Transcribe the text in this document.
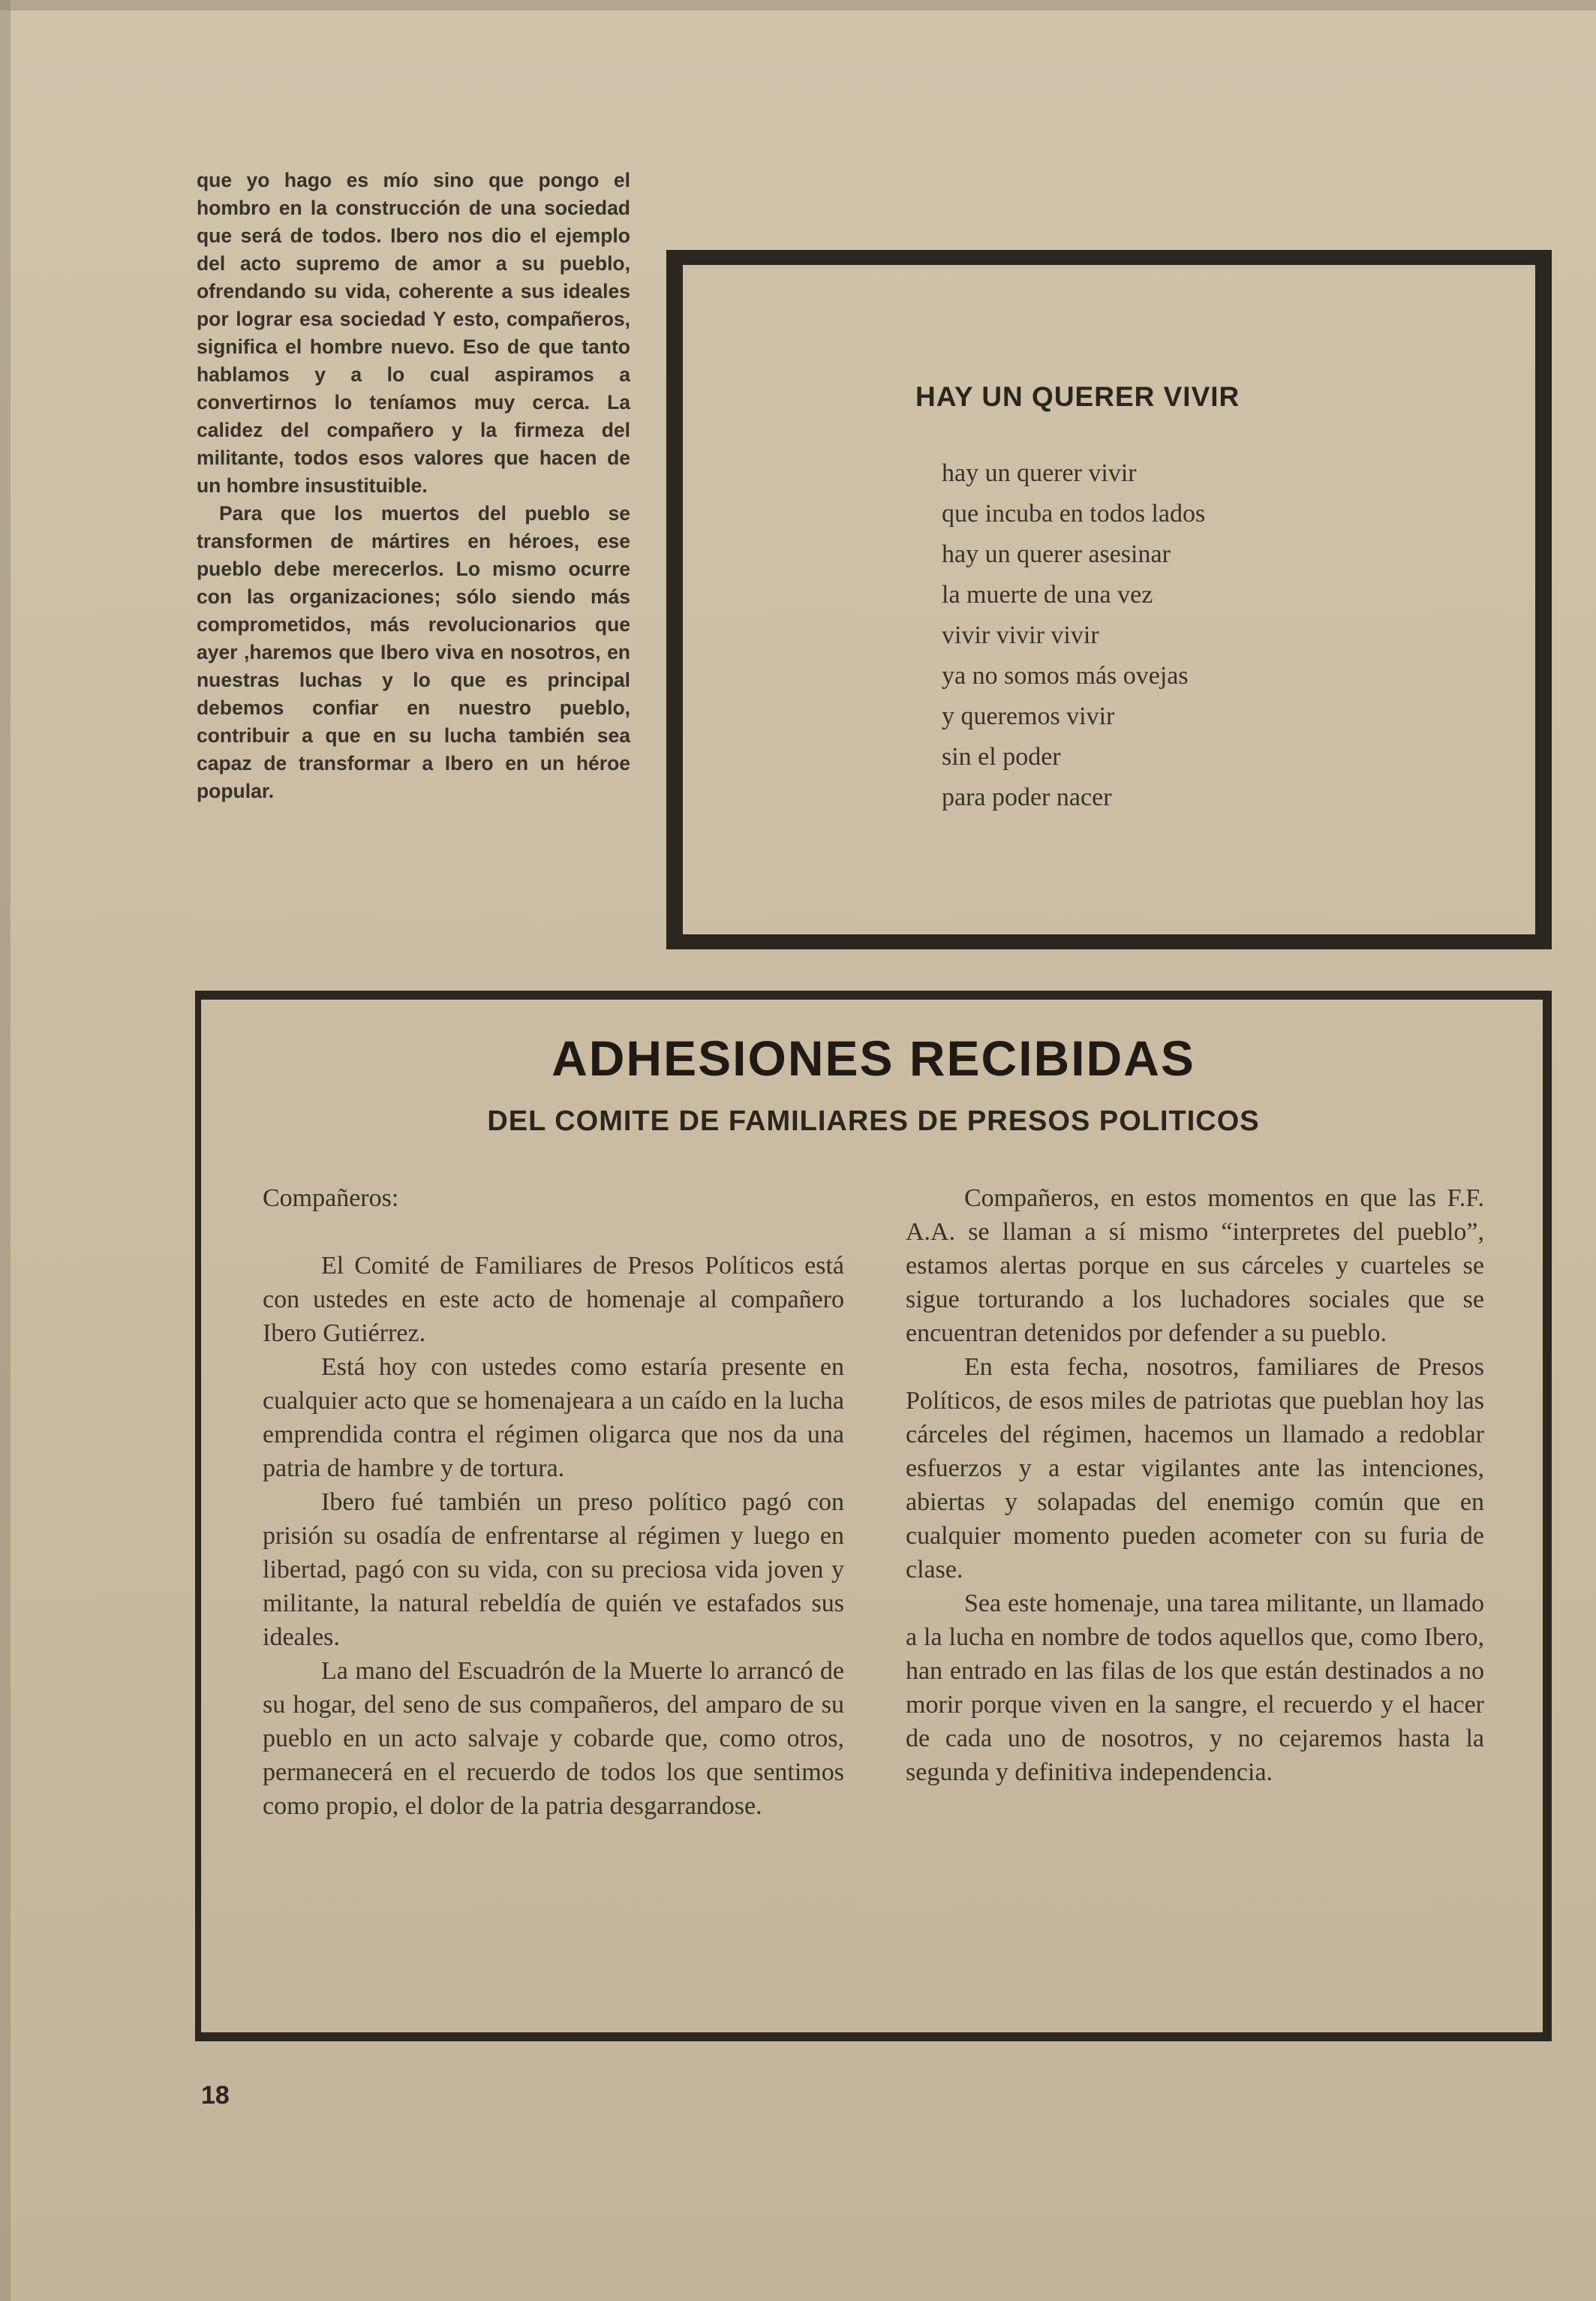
que yo hago es mío sino que pongo el hombro en la construcción de una sociedad que será de todos. Ibero nos dio el ejemplo del acto supremo de amor a su pueblo, ofrendando su vida, coherente a sus ideales por lograr esa sociedad Y esto, compañeros, significa el hombre nuevo. Eso de que tanto hablamos y a lo cual aspiramos a convertirnos lo teníamos muy cerca. La calidez del compañero y la firmeza del militante, todos esos valores que hacen de un hombre insustituible.

Para que los muertos del pueblo se transformen de mártires en héroes, ese pueblo debe merecerlos. Lo mismo ocurre con las organizaciones; sólo siendo más comprometidos, más revolucionarios que ayer ,haremos que Ibero viva en nosotros, en nuestras luchas y lo que es principal debemos confiar en nuestro pueblo, contribuir a que en su lucha también sea capaz de transformar a Ibero en un héroe popular.

HAY UN QUERER VIVIR
hay un querer vivir
que incuba en todos lados
hay un querer asesinar
la muerte de una vez
vivir vivir vivir
ya no somos más ovejas
y queremos vivir
sin el poder
para poder nacer
ADHESIONES RECIBIDAS
DEL COMITE DE FAMILIARES DE PRESOS POLITICOS

Compañeros:

El Comité de Familiares de Presos Políticos está con ustedes en este acto de homenaje al compañero Ibero Gutiérrez.

Está hoy con ustedes como estaría presente en cualquier acto que se homenajeara a un caído en la lucha emprendida contra el régimen oligarca que nos da una patria de hambre y de tortura.

Ibero fué también un preso político pagó con prisión su osadía de enfrentarse al régimen y luego en libertad, pagó con su vida, con su preciosa vida joven y militante, la natural rebeldía de quién ve estafados sus ideales.

La mano del Escuadrón de la Muerte lo arrancó de su hogar, del seno de sus compañeros, del amparo de su pueblo en un acto salvaje y cobarde que, como otros, permanecerá en el recuerdo de todos los que sentimos como propio, el dolor de la patria desgarrandose.

Compañeros, en estos momentos en que las F.F. A.A. se llaman a sí mismo “interpretes del pueblo”, estamos alertas porque en sus cárceles y cuarteles se sigue torturando a los luchadores sociales que se encuentran detenidos por defender a su pueblo.

En esta fecha, nosotros, familiares de Presos Políticos, de esos miles de patriotas que pueblan hoy las cárceles del régimen, hacemos un llamado a redoblar esfuerzos y a estar vigilantes ante las intenciones, abiertas y solapadas del enemigo común que en cualquier momento pueden acometer con su furia de clase.

Sea este homenaje, una tarea militante, un llamado a la lucha en nombre de todos aquellos que, como Ibero, han entrado en las filas de los que están destinados a no morir porque viven en la sangre, el recuerdo y el hacer de cada uno de nosotros, y no cejaremos hasta la segunda y definitiva independencia.

18
